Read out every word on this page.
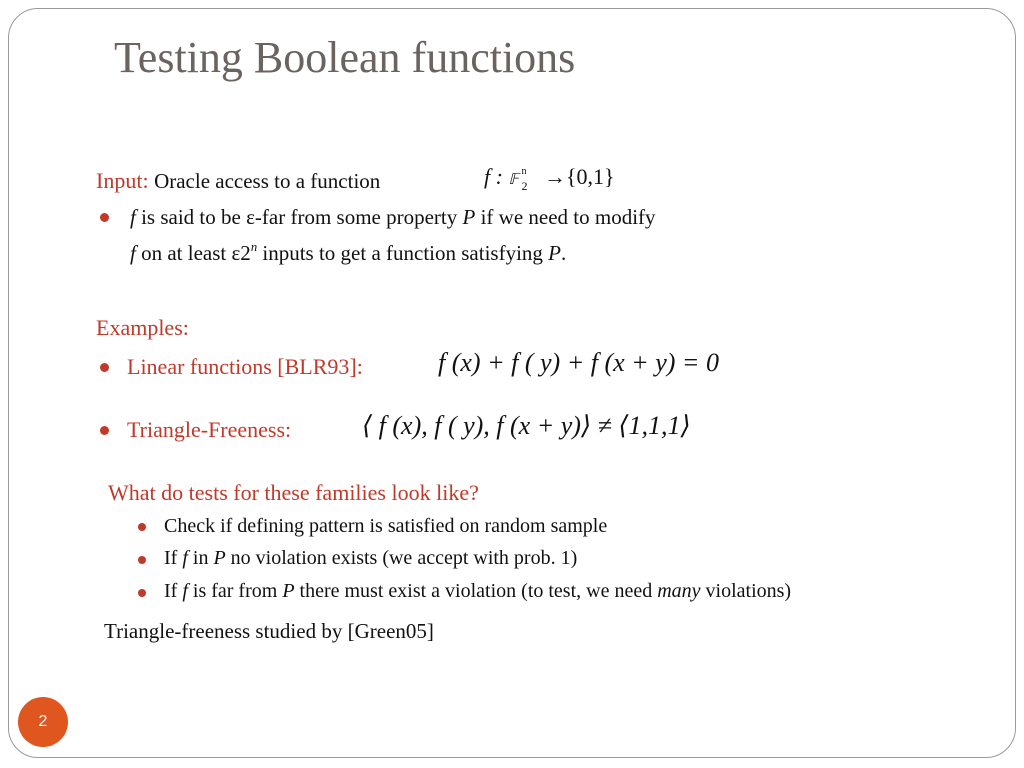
Testing Boolean functions
Input: Oracle access to a function	f : 𝔽
n
2 →{0,1}
f is said to be ε-far from some property P if we need to modify
f on at least ε2$^n$ inputs to get a function satisfying P.
Examples:
Linear functions [BLR93]:	f (x) + f ( y) + f (x + y) = 0
Triangle-Freeness:	⟨ f (x), f ( y), f (x + y)⟩ ≠ ⟨1,1,1⟩
What do tests for these families look like?
Check if defining pattern is satisfied on random sample
If f in P no violation exists (we accept with prob. 1)
If f is far from P there must exist a violation (to test, we need many violations)
Triangle-freeness studied by [Green05]
2
